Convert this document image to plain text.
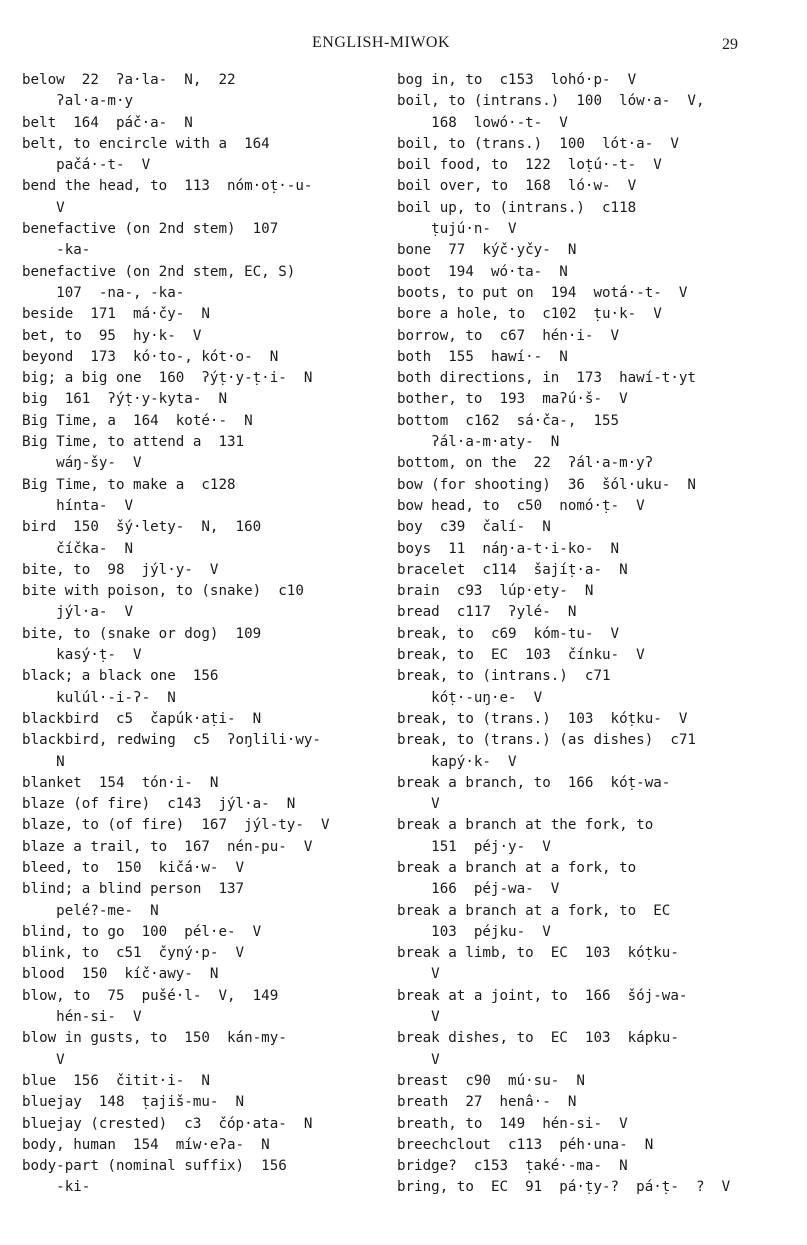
ENGLISH-MIWOK	29
below  22  ʔa·la-  N,  22
ʔal·a-m·y
belt  164  páč·a-  N
belt, to encircle with a  164
pačá·-t-  V
bend the head, to  113  nóm·oṭ·-u-
V
benefactive (on 2nd stem)  107
-ka-
benefactive (on 2nd stem, EC, S)
107  -na-, -ka-
beside  171  má·čy-  N
bet, to  95  hy·k-  V
beyond  173  kó·to-, kót·o-  N
big; a big one  160  ʔýṭ·y-ṭ·i-  N
big  161  ʔýṭ·y-kyta-  N
Big Time, a  164  koté·-  N
Big Time, to attend a  131
wáŋ-šy-  V
Big Time, to make a  c128
hínta-  V
bird  150  šý·lety-  N,  160
číčka-  N
bite, to  98  jýl·y-  V
bite with poison, to (snake)  c10
jýl·a-  V
bite, to (snake or dog)  109
kasý·ṭ-  V
black; a black one  156
kulúl·-i-ʔ-  N
blackbird  c5  čapúk·aṭi-  N
blackbird, redwing  c5  ʔoŋlili·wy-
N
blanket  154  tón·i-  N
blaze (of fire)  c143  jýl·a-  N
blaze, to (of fire)  167  jýl-ty-  V
blaze a trail, to  167  nén-pu-  V
bleed, to  150  kičá·w-  V
blind; a blind person  137
pelé?-me-  N
blind, to go  100  pél·e-  V
blink, to  c51  čyný·p-  V
blood  150  kíč·awy-  N
blow, to  75  pušé·l-  V,  149
hén-si-  V
blow in gusts, to  150  kán-my-
V
blue  156  čitit·i-  N
bluejay  148  ṭajiš-mu-  N
bluejay (crested)  c3  čóp·ata-  N
body, human  154  míw·eʔa-  N
body-part (nominal suffix)  156
-ki-
bog in, to  c153  lohó·p-  V
boil, to (intrans.)  100  lów·a-  V,
168  lowó·-t-  V
boil, to (trans.)  100  lót·a-  V
boil food, to  122  loṭú·-t-  V
boil over, to  168  ló·w-  V
boil up, to (intrans.)  c118
ṭujú·n-  V
bone  77  kýč·yčy-  N
boot  194  wó·ta-  N
boots, to put on  194  wotá·-t-  V
bore a hole, to  c102  ṭu·k-  V
borrow, to  c67  hén·i-  V
both  155  hawí·-  N
both directions, in  173  hawí-t·yt
bother, to  193  maʔú·š-  V
bottom  c162  sá·ča-,  155
ʔál·a-m·aty-  N
bottom, on the  22  ʔál·a-m·yʔ
bow (for shooting)  36  šól·uku-  N
bow head, to  c50  nomó·ṭ-  V
boy  c39  čalí-  N
boys  11  náŋ·a-t·i-ko-  N
bracelet  c114  šajíṭ·a-  N
brain  c93  lúp·ety-  N
bread  c117  ʔylé-  N
break, to  c69  kóm-tu-  V
break, to  EC  103  čínku-  V
break, to (intrans.)  c71
kóṭ·-uŋ·e-  V
break, to (trans.)  103  kóṭku-  V
break, to (trans.) (as dishes)  c71
kapý·k-  V
break a branch, to  166  kóṭ-wa-
V
break a branch at the fork, to
151  péj·y-  V
break a branch at a fork, to
166  péj-wa-  V
break a branch at a fork, to  EC
103  péjku-  V
break a limb, to  EC  103  kóṭku-
V
break at a joint, to  166  šój-wa-
V
break dishes, to  EC  103  kápku-
V
breast  c90  mú·su-  N
breath  27  henâ·-  N
breath, to  149  hén-si-  V
breechclout  c113  péh·una-  N
bridge?  c153  ṭaké·-ma-  N
bring, to  EC  91  pá·ṭy-?  pá·ṭ-  ?  V
